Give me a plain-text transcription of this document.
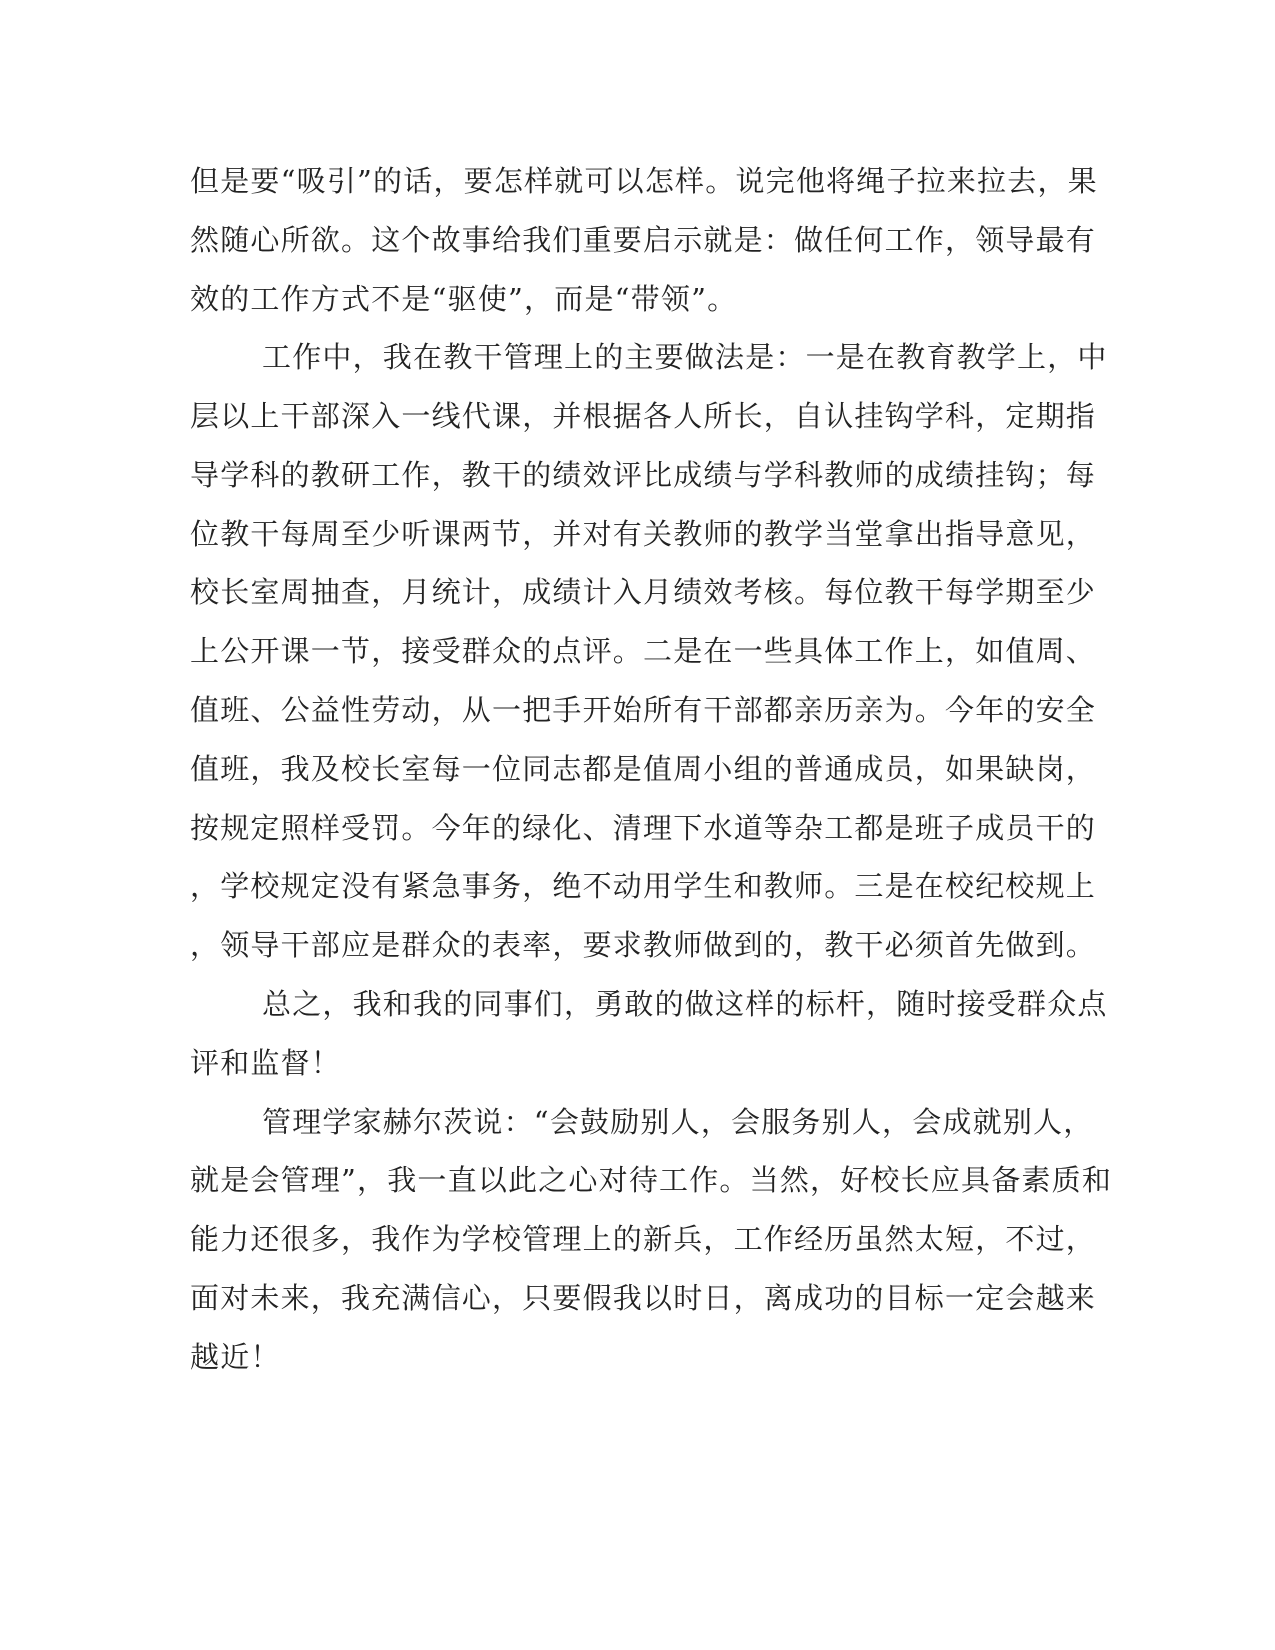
但是要“吸引”的话，要怎样就可以怎样。说完他将绳子拉来拉去，果
然随心所欲。这个故事给我们重要启示就是：做任何工作，领导最有
效的工作方式不是“驱使”，而是“带领”。
工作中，我在教干管理上的主要做法是：一是在教育教学上，中
层以上干部深入一线代课，并根据各人所长，自认挂钩学科，定期指
导学科的教研工作，教干的绩效评比成绩与学科教师的成绩挂钩；每
位教干每周至少听课两节，并对有关教师的教学当堂拿出指导意见，
校长室周抽查，月统计，成绩计入月绩效考核。每位教干每学期至少
上公开课一节，接受群众的点评。二是在一些具体工作上，如值周、
值班、公益性劳动，从一把手开始所有干部都亲历亲为。今年的安全
值班，我及校长室每一位同志都是值周小组的普通成员，如果缺岗，
按规定照样受罚。今年的绿化、清理下水道等杂工都是班子成员干的
，学校规定没有紧急事务，绝不动用学生和教师。三是在校纪校规上
，领导干部应是群众的表率，要求教师做到的，教干必须首先做到。
总之，我和我的同事们，勇敢的做这样的标杆，随时接受群众点
评和监督！
管理学家赫尔茨说：“会鼓励别人，会服务别人，会成就别人，
就是会管理”，我一直以此之心对待工作。当然，好校长应具备素质和
能力还很多，我作为学校管理上的新兵，工作经历虽然太短，不过，
面对未来，我充满信心，只要假我以时日，离成功的目标一定会越来
越近！
